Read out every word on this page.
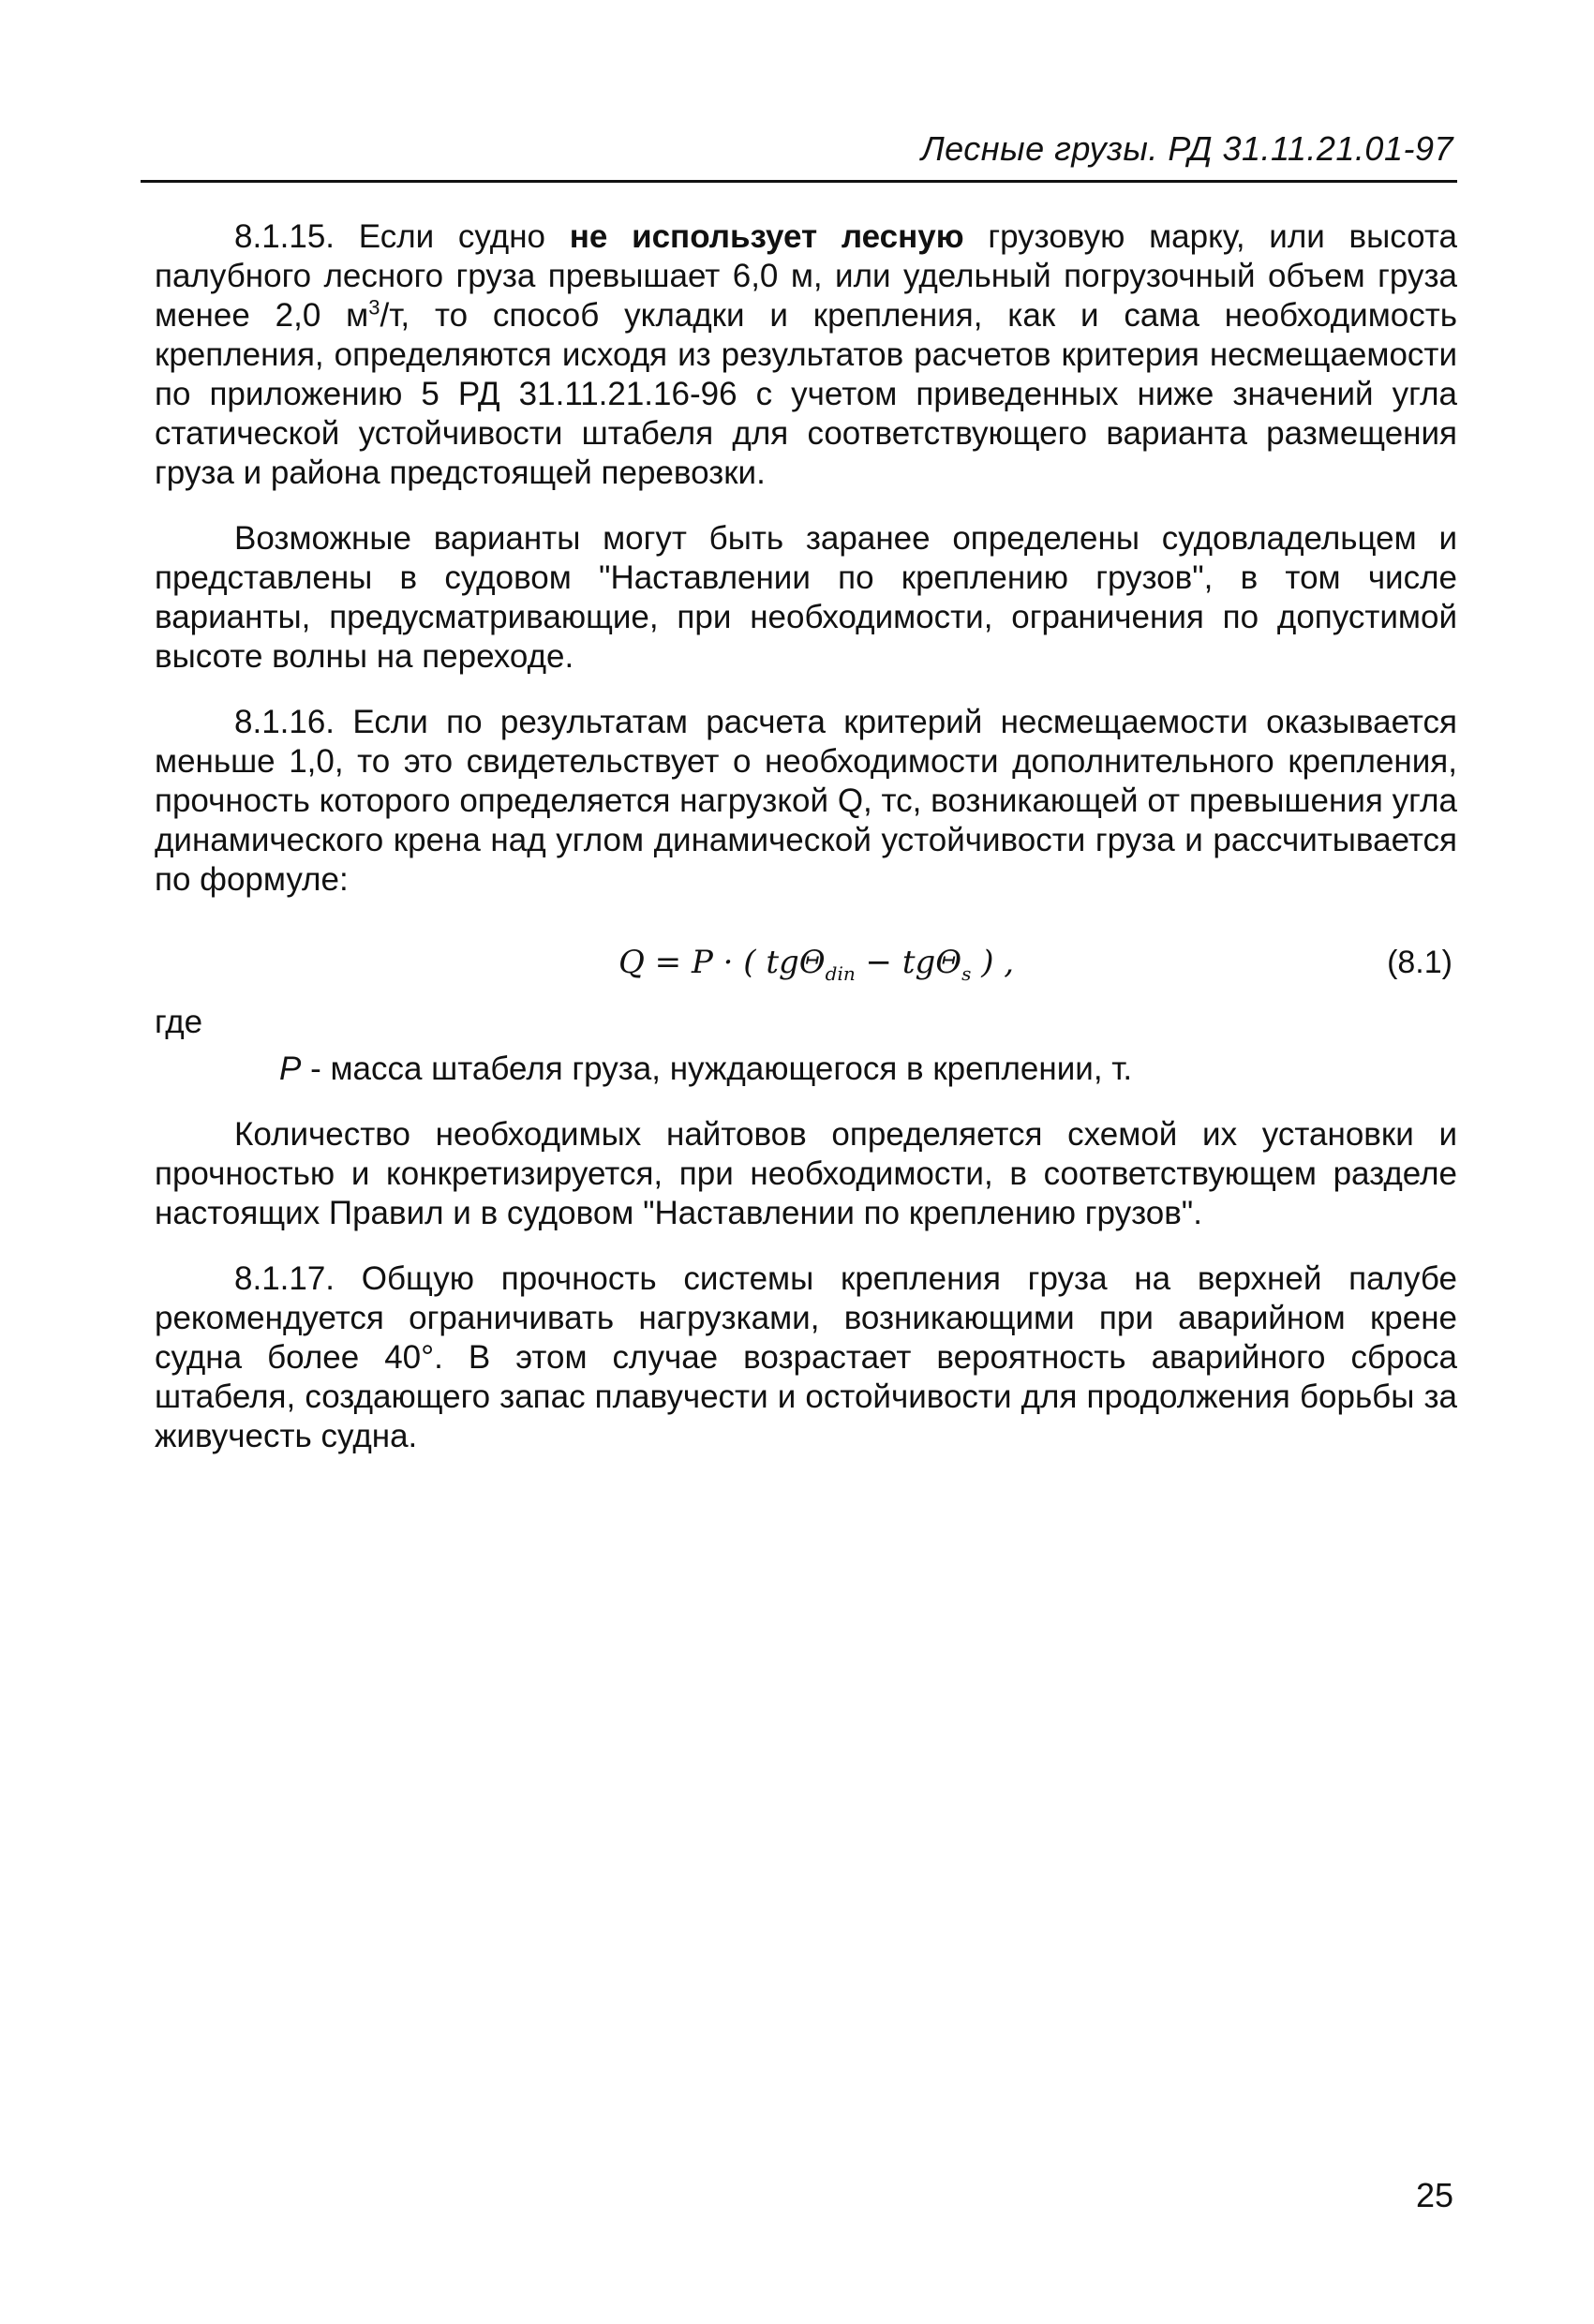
Лесные грузы. РД 31.11.21.01-97

8.1.15. Если судно не использует лесную грузовую марку, или высота палубного лесного груза превышает 6,0 м, или удельный погрузочный объем груза менее 2,0 $м^3/т$, то способ укладки и крепления, как и сама необходимость крепления, определяются исходя из результатов расчетов критерия несмещаемости по приложению 5 РД 31.11.21.16-96 с учетом приведенных ниже значений угла статической устойчивости штабеля для соответствующего варианта размещения груза и района предстоящей перевозки.

Возможные варианты могут быть заранее определены судовладельцем и представлены в судовом "Наставлении по креплению грузов", в том числе варианты, предусматривающие, при необходимости, ограничения по допустимой высоте волны на переходе.

8.1.16. Если по результатам расчета критерий несмещаемости оказывается меньше 1,0, то это свидетельствует о необходимости дополнительного крепления, прочность которого определяется нагрузкой Q, тс, возникающей от превышения угла динамического крена над углом динамической устойчивости груза и рассчитывается по формуле:

Q = P · ( tgΘ$_{din}$ − tgΘ$_s$ ) ,	(8.1)

где

P - масса штабеля груза, нуждающегося в креплении, т.

Количество необходимых найтовов определяется схемой их установки и прочностью и конкретизируется, при необходимости, в соответствующем разделе настоящих Правил и в судовом "Наставлении по креплению грузов".

8.1.17. Общую прочность системы крепления груза на верхней палубе рекомендуется ограничивать нагрузками, возникающими при аварийном крене судна более 40°. В этом случае возрастает вероятность аварийного сброса штабеля, создающего запас плавучести и остойчивости для продолжения борьбы за живучесть судна.

25
